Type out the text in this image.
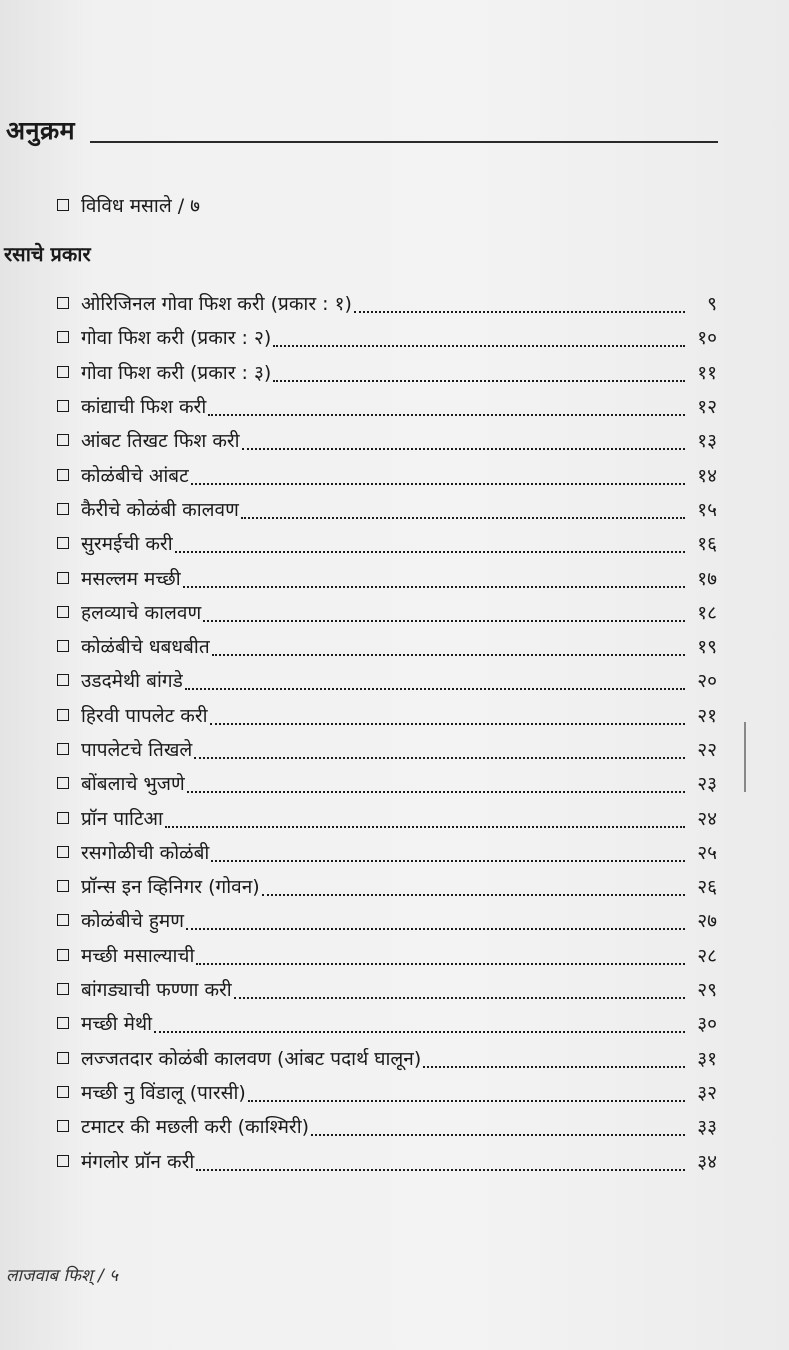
अनुक्रम
विविध मसाले / ७
रसाचे प्रकार
ओरिजिनल गोवा फिश करी (प्रकार : १)	९
गोवा फिश करी (प्रकार : २)	१०
गोवा फिश करी (प्रकार : ३)	११
कांद्याची फिश करी	१२
आंबट तिखट फिश करी	१३
कोळंबीचे आंबट	१४
कैरीचे कोळंबी कालवण	१५
सुरमईची करी	१६
मसल्लम मच्छी	१७
हलव्याचे कालवण	१८
कोळंबीचे धबधबीत	१९
उडदमेथी बांगडे	२०
हिरवी पापलेट करी	२१
पापलेटचे तिखले	२२
बोंबलाचे भुजणे	२३
प्रॉन पाटिआ	२४
रसगोळीची कोळंबी	२५
प्रॉन्स इन व्हिनिगर (गोवन)	२६
कोळंबीचे हुमण	२७
मच्छी मसाल्याची	२८
बांगड्याची फण्णा करी	२९
मच्छी मेथी	३०
लज्जतदार कोळंबी कालवण (आंबट पदार्थ घालून)	३१
मच्छी नु विंडालू (पारसी)	३२
टमाटर की मछली करी (काश्मिरी)	३३
मंगलोर प्रॉन करी	३४
लाजवाब फिश् / ५
